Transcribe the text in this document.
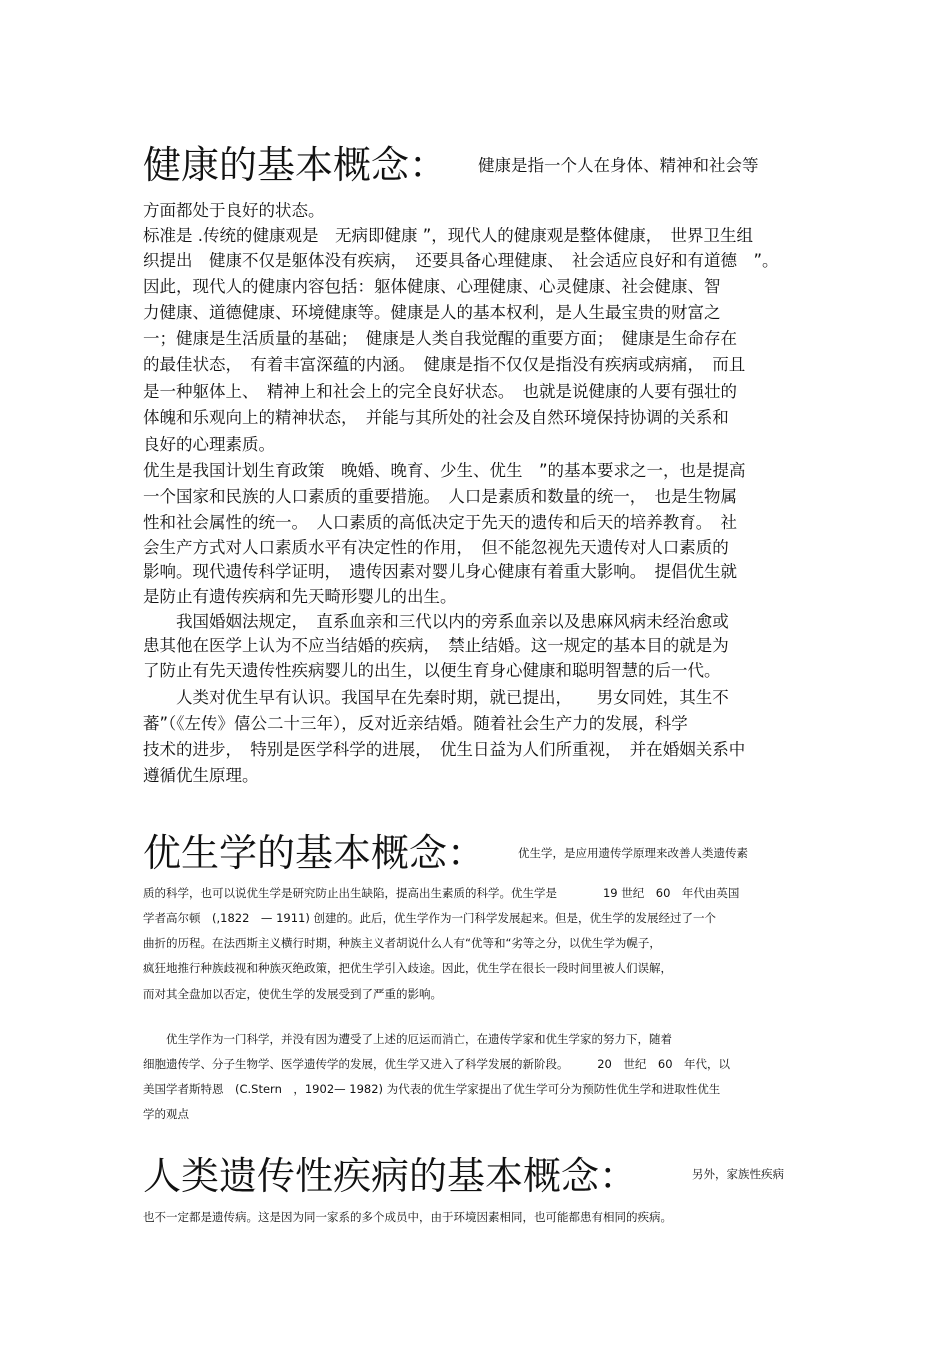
健康的基本概念： 健康是指一个人在身体、精神和社会等
方面都处于良好的状态。
标准是 .传统的健康观是　无病即健康 ”，现代人的健康观是整体健康，　世界卫生组
织提出　健康不仅是躯体没有疾病，　还要具备心理健康、　社会适应良好和有道德　”。
因此，现代人的健康内容包括：躯体健康、心理健康、心灵健康、社会健康、智
力健康、道德健康、环境健康等。健康是人的基本权利，是人生最宝贵的财富之
一；健康是生活质量的基础；　健康是人类自我觉醒的重要方面；　健康是生命存在
的最佳状态，　有着丰富深蕴的内涵。　健康是指不仅仅是指没有疾病或病痛，　而且
是一种躯体上、　精神上和社会上的完全良好状态。　也就是说健康的人要有强壮的
体魄和乐观向上的精神状态，　并能与其所处的社会及自然环境保持协调的关系和
良好的心理素质。
优生是我国计划生育政策　晚婚、晚育、少生、优生　”的基本要求之一，也是提高
一个国家和民族的人口素质的重要措施。　人口是素质和数量的统一，　也是生物属
性和社会属性的统一。　人口素质的高低决定于先天的遗传和后天的培养教育。　社
会生产方式对人口素质水平有决定性的作用，　但不能忽视先天遗传对人口素质的
影响。现代遗传科学证明，　遗传因素对婴儿身心健康有着重大影响。　提倡优生就
是防止有遗传疾病和先天畸形婴儿的出生。
　　我国婚姻法规定，　直系血亲和三代以内的旁系血亲以及患麻风病未经治愈或
患其他在医学上认为不应当结婚的疾病，　禁止结婚。这一规定的基本目的就是为
了防止有先天遗传性疾病婴儿的出生，以便生育身心健康和聪明智慧的后一代。
　　人类对优生早有认识。我国早在先秦时期，就已提出，　　男女同姓，其生不
蕃”（《左传》僖公二十三年），反对近亲结婚。随着社会生产力的发展，科学
技术的进步，　特别是医学科学的进展，　优生日益为人们所重视，　并在婚姻关系中
遵循优生原理。
优生学的基本概念：	优生学，是应用遗传学原理来改善人类遗传素
质的科学，也可以说优生学是研究防止出生缺陷，提高出生素质的科学。优生学是　　　　19 世纪　60　年代由英国
学者高尔顿　(,1822　— 1911) 创建的。此后，优生学作为一门科学发展起来。但是，优生学的发展经过了一个
曲折的历程。在法西斯主义横行时期，种族主义者胡说什么人有“优等和“劣等之分，以优生学为幌子，
疯狂地推行种族歧视和种族灭绝政策，把优生学引入歧途。因此，优生学在很长一段时间里被人们误解，
而对其全盘加以否定，使优生学的发展受到了严重的影响。
　　优生学作为一门科学，并没有因为遭受了上述的厄运而消亡，在遗传学家和优生学家的努力下，随着
细胞遗传学、分子生物学、医学遗传学的发展，优生学又进入了科学发展的新阶段。　　　20　世纪　60　年代，以
美国学者斯特恩　(C.Stern　，1902— 1982) 为代表的优生学家提出了优生学可分为预防性优生学和进取性优生
学的观点
人类遗传性疾病的基本概念：	另外，家族性疾病
也不一定都是遗传病。这是因为同一家系的多个成员中，由于环境因素相同，也可能都患有相同的疾病。
